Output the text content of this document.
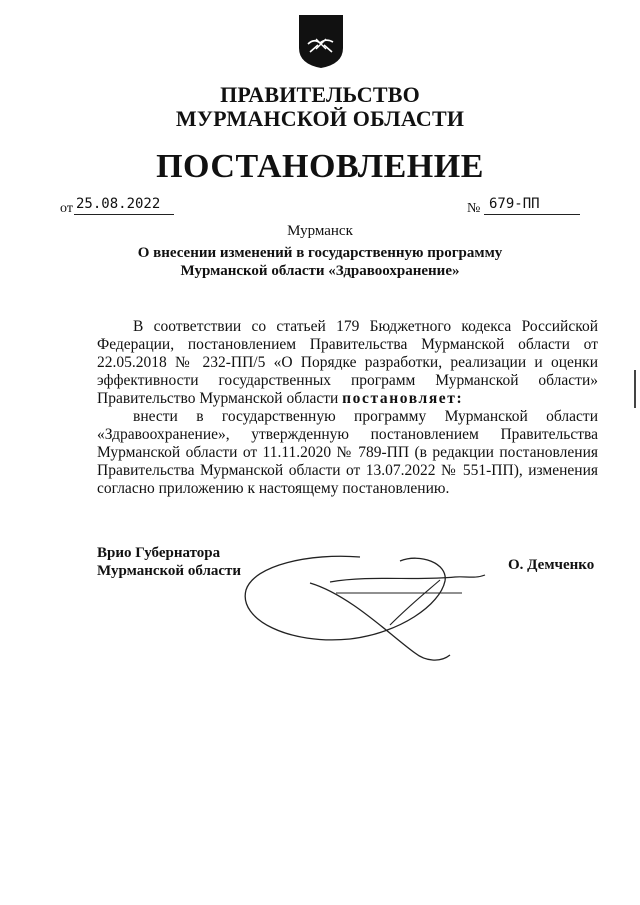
ПРАВИТЕЛЬСТВО
МУРМАНСКОЙ ОБЛАСТИ
ПОСТАНОВЛЕНИЕ
от 25.08.2022	№ 679-ПП
Мурманск
О внесении изменений в государственную программу
Мурманской области «Здравоохранение»
В соответствии со статьей 179 Бюджетного кодекса Российской
Федерации, постановлением Правительства Мурманской области от
22.05.2018 № 232-ПП/5 «О Порядке разработки, реализации и оценки
эффективности государственных программ Мурманской области»
Правительство Мурманской области постановляет:
внести в государственную программу Мурманской области
«Здравоохранение», утвержденную постановлением Правительства
Мурманской области от 11.11.2020 № 789-ПП (в редакции постановления
Правительства Мурманской области от 13.07.2022 № 551-ПП), изменения
согласно приложению к настоящему постановлению.
Врио Губернатора
Мурманской области	О. Демченко
